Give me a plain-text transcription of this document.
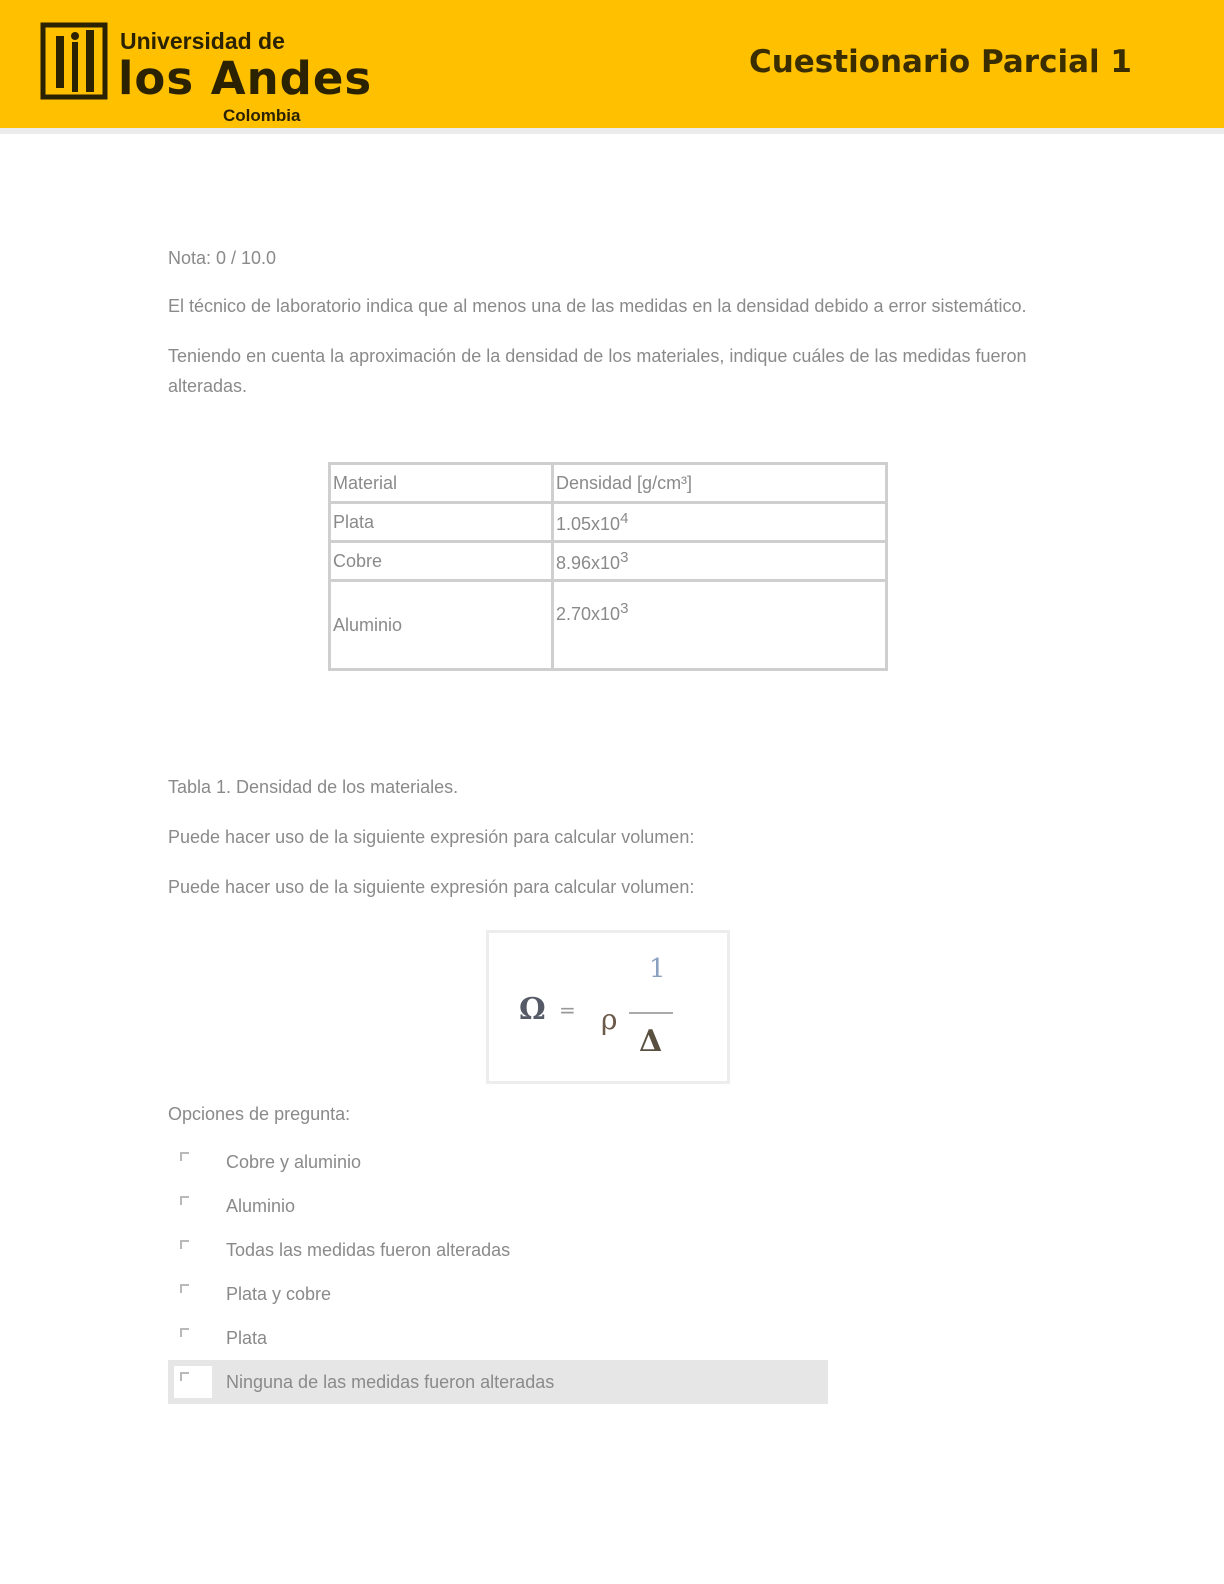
Universidad de
los Andes
Colombia
Cuestionario Parcial 1
Nota: 0 / 10.0

El técnico de laboratorio indica que al menos una de las medidas en la densidad debido a error sistemático.

Teniendo en cuenta la aproximación de la densidad de los materiales, indique cuáles de las medidas fueron alteradas.

Material	Densidad [g/cm³]
Plata	$1.05x10^4$
Cobre	$8.96x10^3$
Aluminio	$2.70x10^3$

Tabla 1. Densidad de los materiales.

Puede hacer uso de la siguiente expresión para calcular volumen:

Puede hacer uso de la siguiente expresión para calcular volumen:

Ω = ρ
1
Δ
Opciones de pregunta:
Cobre y aluminio
Aluminio
Todas las medidas fueron alteradas
Plata y cobre
Plata
Ninguna de las medidas fueron alteradas
